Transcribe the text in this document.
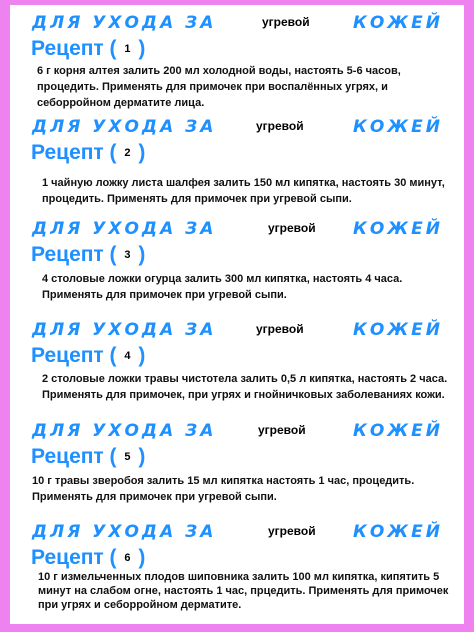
ДЛЯ УХОДА ЗА	угревой	КОЖЕЙ
Рецепт ( 1 )
6 г корня алтея залить 200 мл холодной воды, настоять 5-6 часов, процедить. Применять для примочек при воспалённых угрях, и себорройном дерматите лица.
ДЛЯ УХОДА ЗА	угревой	КОЖЕЙ
Рецепт ( 2 )
1 чайную ложку листа шалфея залить 150 мл кипятка, настоять 30 минут, процедить. Применять для примочек при угревой сыпи.
ДЛЯ УХОДА ЗА	угревой КОЖЕЙ
Рецепт ( 3 )
4 столовые ложки огурца залить 300 мл кипятка, настоять 4 часа. Применять для примочек при угревой сыпи.
ДЛЯ УХОДА ЗА	угревой	КОЖЕЙ
Рецепт ( 4 )
2 столовые ложки травы чистотела залить 0,5 л кипятка, настоять 2 часа. Применять для примочек, при угрях и гнойничковых заболеваниях кожи.
ДЛЯ УХОДА ЗА	угревой	КОЖЕЙ
Рецепт ( 5 )
10 г травы зверобоя залить 15 мл кипятка настоять 1 час, процедить. Применять для примочек при угревой сыпи.
ДЛЯ УХОДА ЗА	угревой КОЖЕЙ
Рецепт ( 6 )
10 г измельченных плодов шиповника залить 100 мл кипятка, кипятить 5 минут на слабом огне, настоять 1 час, прцедить. Применять для примочек при угрях и себорройном дерматите.
